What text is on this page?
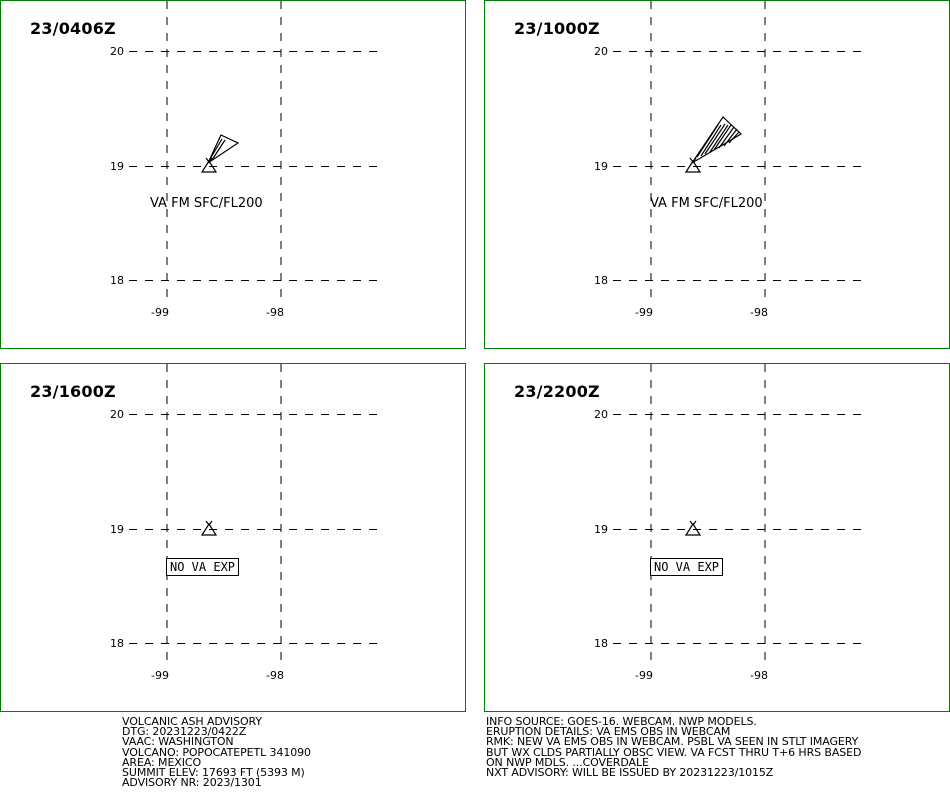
23/0406Z
20
19
18
-99	-98
VA FM SFC/FL200
23/1000Z
20
19
18
-99	-98
VA FM SFC/FL200
23/1600Z
20
19
18
-99	-98
NO VA EXP
23/2200Z
20
19
18
-99	-98
NO VA EXP
VOLCANIC ASH ADVISORY
DTG: 20231223/0422Z
VAAC: WASHINGTON
VOLCANO: POPOCATEPETL 341090
AREA: MEXICO
SUMMIT ELEV: 17693 FT (5393 M)
ADVISORY NR: 2023/1301
INFO SOURCE: GOES-16. WEBCAM. NWP MODELS.
ERUPTION DETAILS: VA EMS OBS IN WEBCAM
RMK: NEW VA EMS OBS IN WEBCAM. PSBL VA SEEN IN STLT IMAGERY
BUT WX CLDS PARTIALLY OBSC VIEW. VA FCST THRU T+6 HRS BASED
ON NWP MDLS. ...COVERDALE
NXT ADVISORY: WILL BE ISSUED BY 20231223/1015Z
